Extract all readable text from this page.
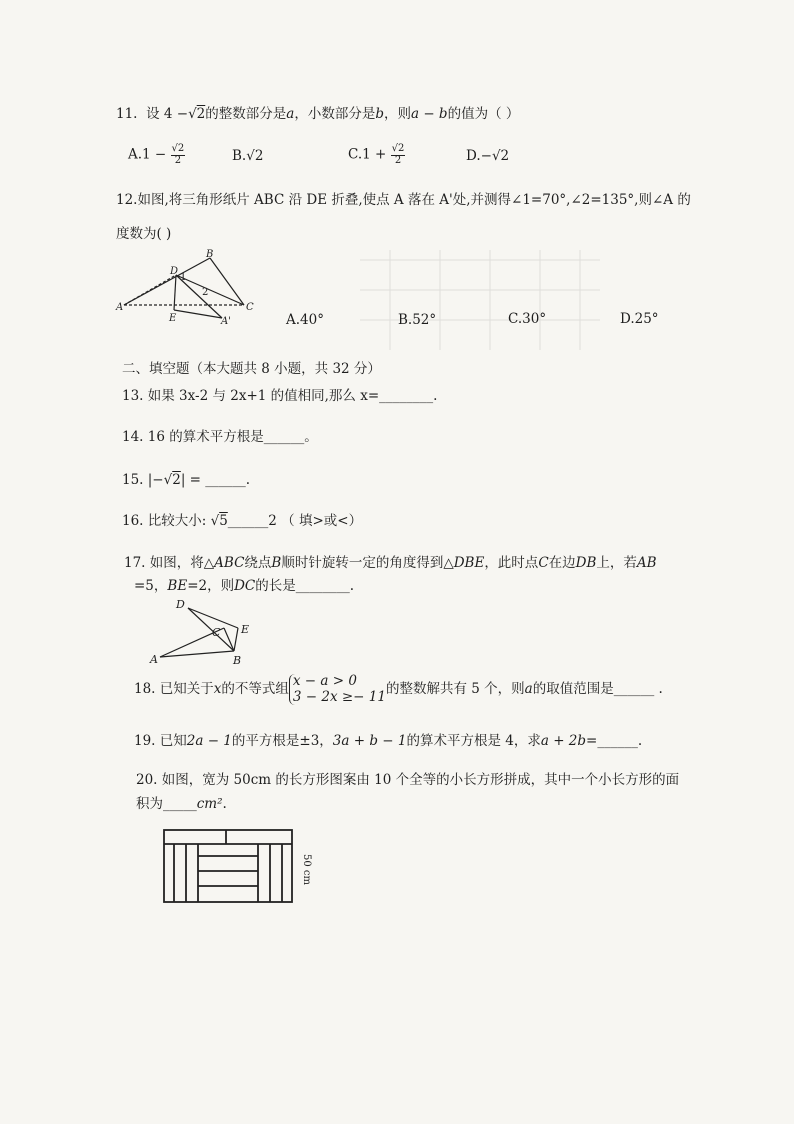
11. 设 4 −√2的整数部分是a，小数部分是b，则a − b的值为（ ）
$A.1 - \frac{√2}{2}$	B.√2	$C.1 + \frac{√2}{2}$	D.−√2
12.如图,将三角形纸片 ABC 沿 DE 折叠,使点 A 落在 A'处,并测得∠1=70°,∠2=135°,则∠A 的
度数为( )
A
B
C
D
E	A'
1
2
A.40°	B.52°	C.30°	D.25°
二、填空题（本大题共 8 小题，共 32 分）
13. 如果 3x-2 与 2x+1 的值相同,那么 x=________.
14. 16 的算术平方根是______。
15. |−√2| = ______.
16. 比较大小: √5______2 （ 填>或<）
17. 如图，将△ABC绕点B顺时针旋转一定的角度得到△DBE，此时点C在边DB上，若AB
=5，BE=2，则DC的长是________.
A	B
C
D
E
18. 已知关于x的不等式组
x − a > 0
3 − 2x ≥− 11 的整数解共有 5 个，则a的取值范围是______ .
19. 已知2a − 1的平方根是±3，3a + b − 1的算术平方根是 4，求a + 2b=______.
20. 如图，宽为 50cm 的长方形图案由 10 个全等的小长方形拼成，其中一个小长方形的面
积为_____cm².
50 cm
